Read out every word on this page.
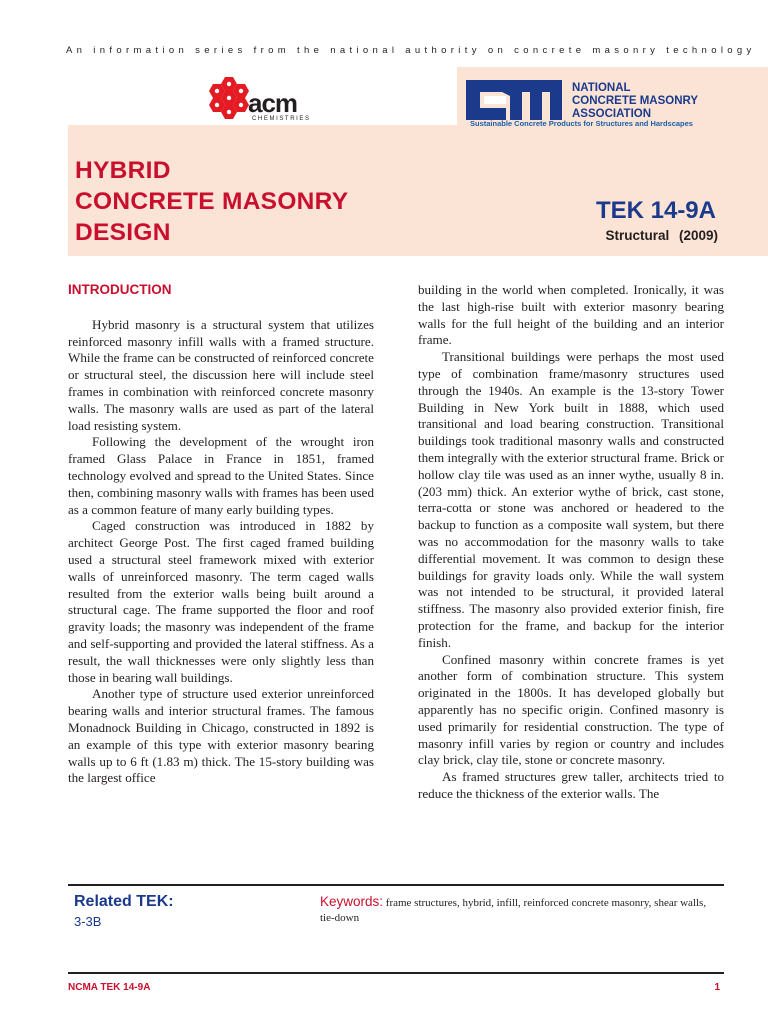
An information series from the national authority on concrete masonry technology
acm
CHEMISTRIES
NATIONAL
CONCRETE MASONRY
ASSOCIATION
Sustainable Concrete Products for Structures and Hardscapes
HYBRID
CONCRETE MASONRY
DESIGN
TEK 14-9A
Structural (2009)

INTRODUCTION

Hybrid masonry is a structural system that utilizes reinforced masonry infill walls with a framed structure. While the frame can be constructed of reinforced concrete or structural steel, the discussion here will include steel frames in combination with reinforced concrete masonry walls. The masonry walls are used as part of the lateral load resisting system.

Following the development of the wrought iron framed Glass Palace in France in 1851, framed technology evolved and spread to the United States. Since then, combining masonry walls with frames has been used as a common feature of many early building types.

Caged construction was introduced in 1882 by architect George Post. The first caged framed building used a structural steel framework mixed with exterior walls of unreinforced masonry. The term caged walls resulted from the exterior walls being built around a structural cage. The frame supported the floor and roof gravity loads; the masonry was independent of the frame and self-supporting and provided the lateral stiffness. As a result, the wall thicknesses were only slightly less than those in bearing wall buildings.

Another type of structure used exterior unreinforced bearing walls and interior structural frames. The famous Monadnock Building in Chicago, constructed in 1892 is an example of this type with exterior masonry bearing walls up to 6 ft (1.83 m) thick. The 15-story building was the largest office

building in the world when completed. Ironically, it was the last high-rise built with exterior masonry bearing walls for the full height of the building and an interior frame.

Transitional buildings were perhaps the most used type of combination frame/masonry structures used through the 1940s. An example is the 13-story Tower Building in New York built in 1888, which used transitional and load bearing construction. Transitional buildings took traditional masonry walls and constructed them integrally with the exterior structural frame. Brick or hollow clay tile was used as an inner wythe, usually 8 in. (203 mm) thick. An exterior wythe of brick, cast stone, terra-cotta or stone was anchored or headered to the backup to function as a composite wall system, but there was no accommodation for the masonry walls to take differential movement. It was common to design these buildings for gravity loads only. While the wall system was not intended to be structural, it provided lateral stiffness. The masonry also provided exterior finish, fire protection for the frame, and backup for the interior finish.

Confined masonry within concrete frames is yet another form of combination structure. This system originated in the 1800s. It has developed globally but apparently has no specific origin. Confined masonry is used primarily for residential construction. The type of masonry infill varies by region or country and includes clay brick, clay tile, stone or concrete masonry.

As framed structures grew taller, architects tried to reduce the thickness of the exterior walls. The

Related TEK:
3-3B
Keywords: frame structures, hybrid, infill, reinforced concrete masonry, shear walls, tie-down
NCMA TEK 14-9A	1
